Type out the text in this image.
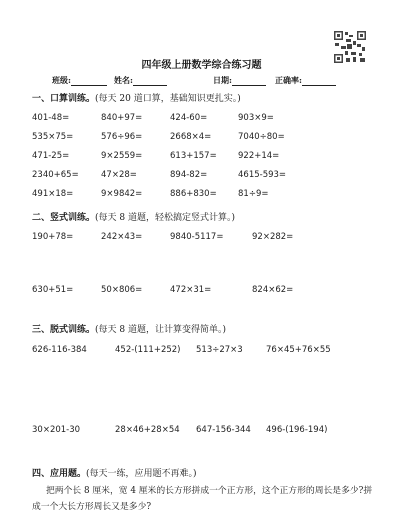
四年级上册数学综合练习题
班级:	姓名:	日期:	正确率:
一、口算训练。(每天 20 道口算，基础知识更扎实。)
401-48=	840+97=	424-60=	903×9=
535×75=	576÷96=	2668×4=	7040÷80=
471-25=	9×2559=	613+157=	922+14=
2340+65=	47×28=	894-82=	4615-593=
491×18=	9×9842=	886+830=	81÷9=
二、竖式训练。(每天 8 道题，轻松搞定竖式计算。)
190+78=	242×43=	9840-5117=	92×282=
630+51=	50×806=	472×31=	824×62=
三、脱式训练。(每天 8 道题，让计算变得简单。)
626-116-384	452-(111+252) 513÷27×3	76×45+76×55
30×201-30	28×46+28×54 647-156-344 496-(196-194)
四、应用题。(每天一练，应用题不再难。)
把两个长 8 厘米，宽 4 厘米的长方形拼成一个正方形，这个正方形的周长是多少?拼成一个大长方形周长又是多少?
